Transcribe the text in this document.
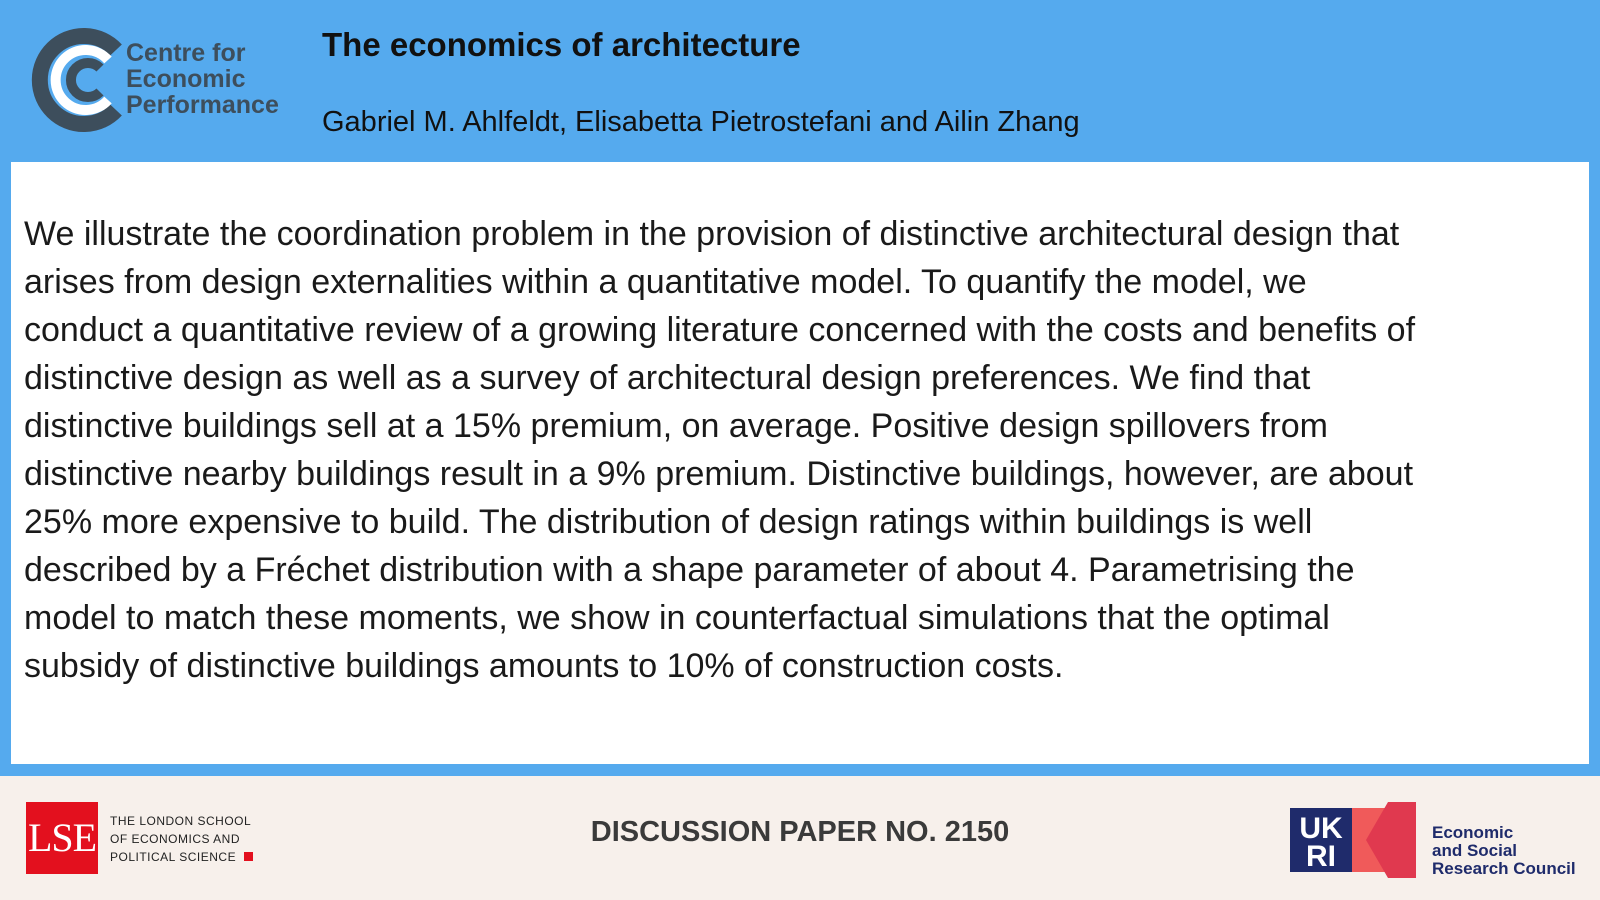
Centre for
Economic
Performance
The economics of architecture
Gabriel M. Ahlfeldt, Elisabetta Pietrostefani and Ailin Zhang
We illustrate the coordination problem in the provision of distinctive architectural design that
arises from design externalities within a quantitative model. To quantify the model, we
conduct a quantitative review of a growing literature concerned with the costs and benefits of
distinctive design as well as a survey of architectural design preferences. We find that
distinctive buildings sell at a 15% premium, on average. Positive design spillovers from
distinctive nearby buildings result in a 9% premium. Distinctive buildings, however, are about
25% more expensive to build. The distribution of design ratings within buildings is well
described by a Fréchet distribution with a shape parameter of about 4. Parametrising the
model to match these moments, we show in counterfactual simulations that the optimal
subsidy of distinctive buildings amounts to 10% of construction costs.
LSE THE LONDON SCHOOL
OF ECONOMICS AND
POLITICAL SCIENCE
DISCUSSION PAPER NO. 2150	UK
RI
Economic
and Social
Research Council
